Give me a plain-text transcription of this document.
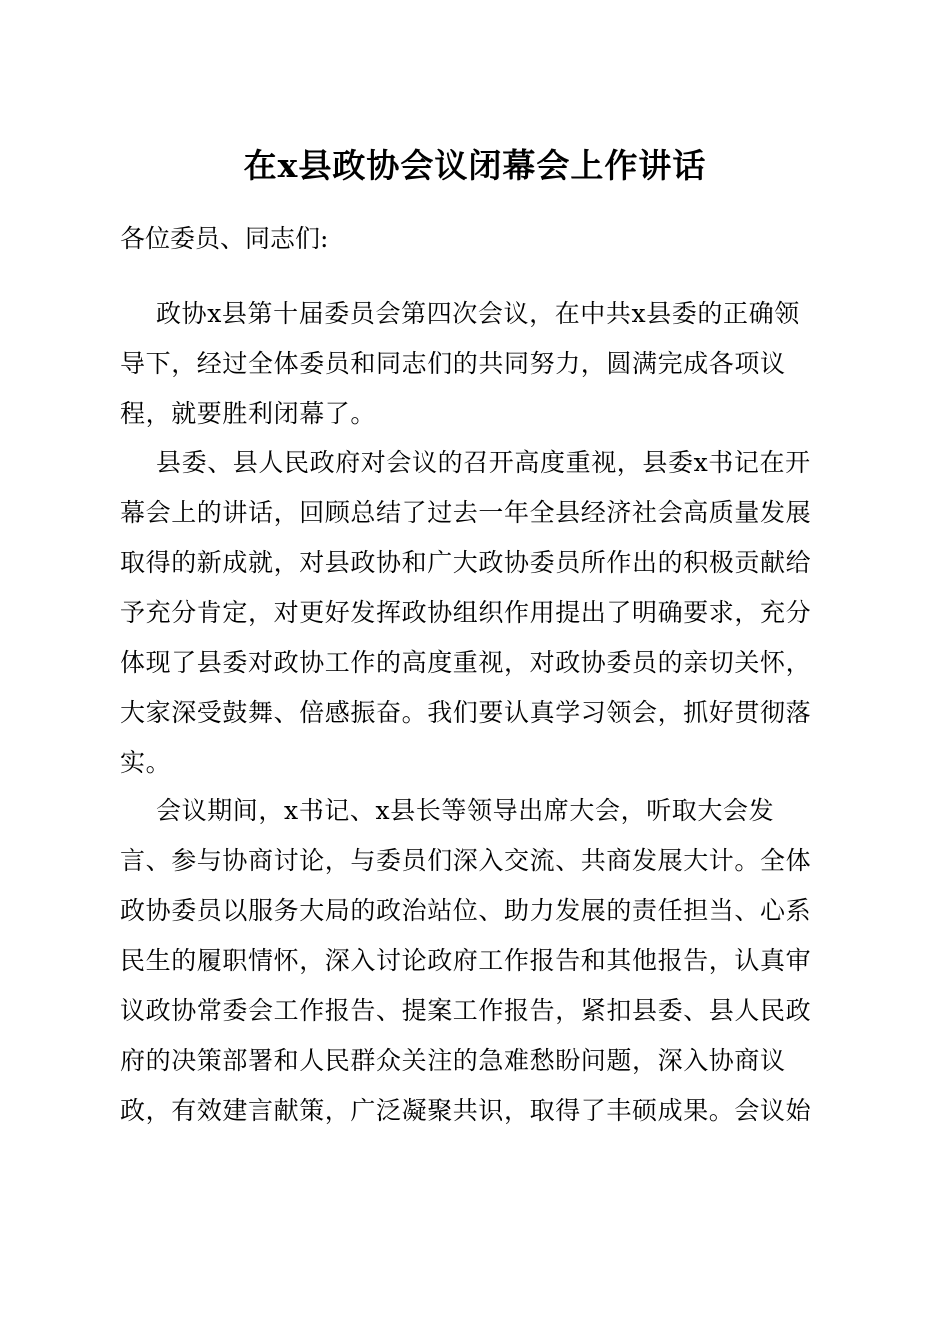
在x县政协会议闭幕会上作讲话

各位委员、同志们:

政协x县第十届委员会第四次会议，在中共x县委的正确领
导下，经过全体委员和同志们的共同努力，圆满完成各项议
程，就要胜利闭幕了。
县委、县人民政府对会议的召开高度重视，县委x书记在开
幕会上的讲话，回顾总结了过去一年全县经济社会高质量发展
取得的新成就，对县政协和广大政协委员所作出的积极贡献给
予充分肯定，对更好发挥政协组织作用提出了明确要求，充分
体现了县委对政协工作的高度重视，对政协委员的亲切关怀，
大家深受鼓舞、倍感振奋。我们要认真学习领会，抓好贯彻落
实。
会议期间，x书记、x县长等领导出席大会，听取大会发
言、参与协商讨论，与委员们深入交流、共商发展大计。全体
政协委员以服务大局的政治站位、助力发展的责任担当、心系
民生的履职情怀，深入讨论政府工作报告和其他报告，认真审
议政协常委会工作报告、提案工作报告，紧扣县委、县人民政
府的决策部署和人民群众关注的急难愁盼问题，深入协商议
政，有效建言献策，广泛凝聚共识，取得了丰硕成果。会议始
